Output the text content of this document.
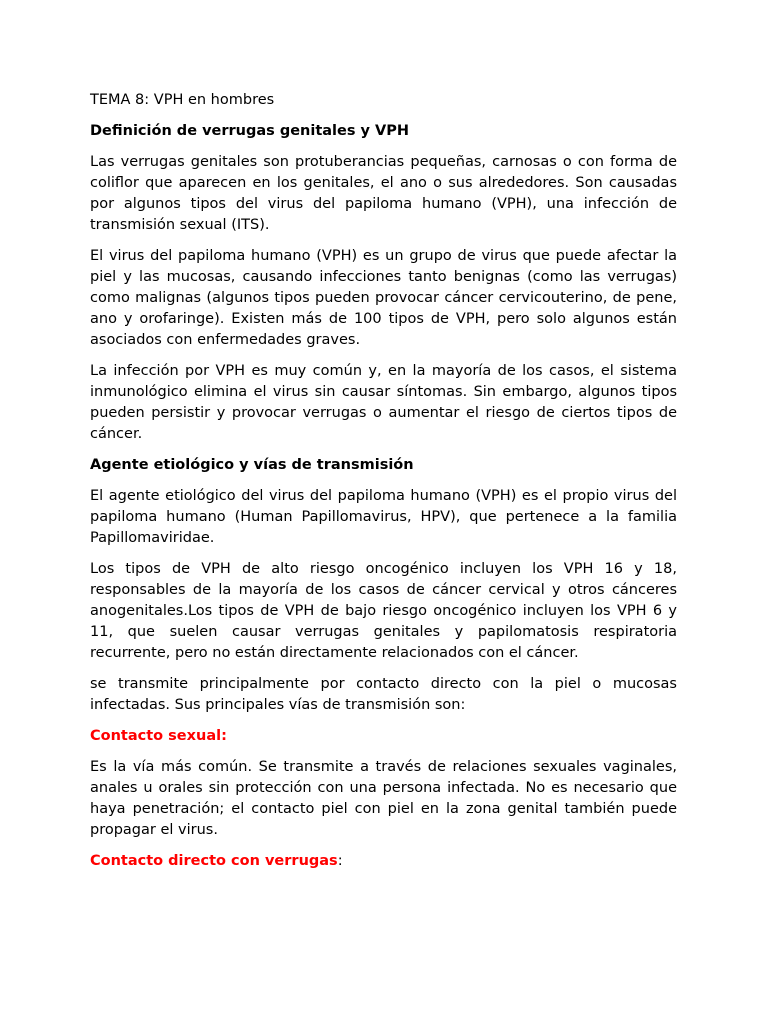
TEMA 8: VPH en hombres
Definición de verrugas genitales y VPH

Las verrugas genitales son protuberancias pequeñas, carnosas o con forma de coliflor que aparecen en los genitales, el ano o sus alrededores. Son causadas por algunos tipos del virus del papiloma humano (VPH), una infección de transmisión sexual (ITS).

El virus del papiloma humano (VPH) es un grupo de virus que puede afectar la piel y las mucosas, causando infecciones tanto benignas (como las verrugas) como malignas (algunos tipos pueden provocar cáncer cervicouterino, de pene, ano y orofaringe). Existen más de 100 tipos de VPH, pero solo algunos están asociados con enfermedades graves.

La infección por VPH es muy común y, en la mayoría de los casos, el sistema inmunológico elimina el virus sin causar síntomas. Sin embargo, algunos tipos pueden persistir y provocar verrugas o aumentar el riesgo de ciertos tipos de cáncer.

Agente etiológico y vías de transmisión

El agente etiológico del virus del papiloma humano (VPH) es el propio virus del papiloma humano (Human Papillomavirus, HPV), que pertenece a la familia Papillomaviridae.

Los tipos de VPH de alto riesgo oncogénico incluyen los VPH 16 y 18, responsables de la mayoría de los casos de cáncer cervical y otros cánceres anogenitales.Los tipos de VPH de bajo riesgo oncogénico incluyen los VPH 6 y 11, que suelen causar verrugas genitales y papilomatosis respiratoria recurrente, pero no están directamente relacionados con el cáncer.

se transmite principalmente por contacto directo con la piel o mucosas infectadas. Sus principales vías de transmisión son:

Contacto sexual:

Es la vía más común. Se transmite a través de relaciones sexuales vaginales, anales u orales sin protección con una persona infectada. No es necesario que haya penetración; el contacto piel con piel en la zona genital también puede propagar el virus.

Contacto directo con verrugas:
